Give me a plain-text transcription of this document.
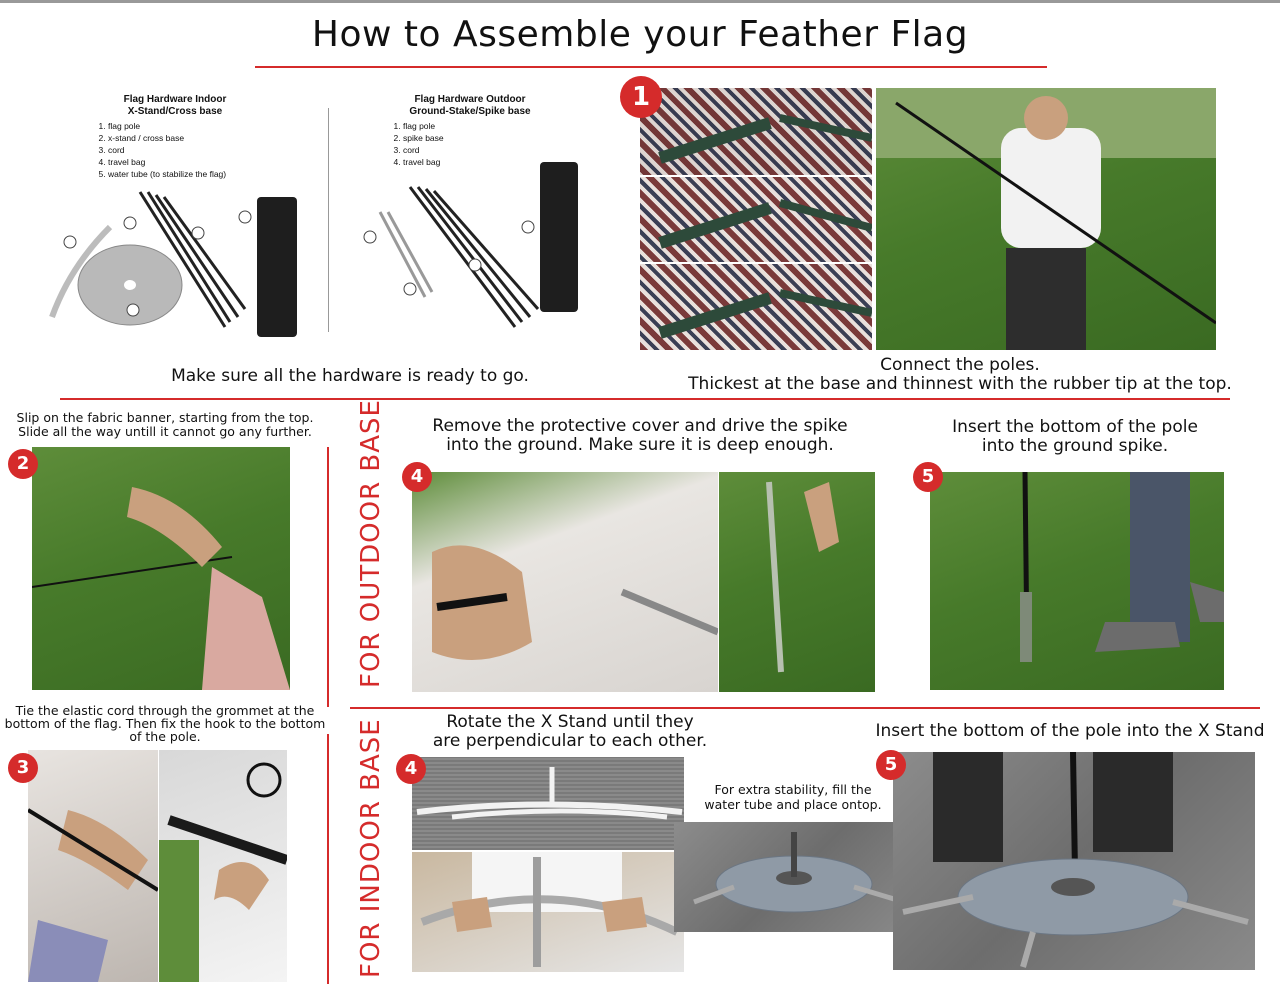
How to Assemble your Feather Flag
Flag Hardware Indoor
X-Stand/Cross base
1. flag pole
2. x-stand / cross base
3. cord
4. travel bag
5. water tube (to stabilize the flag)
Flag Hardware Outdoor
Ground-Stake/Spike base
1. flag pole
2. spike base
3. cord
4. travel bag
Make sure all the hardware is ready to go.
1
Connect the poles.
Thickest at the base and thinnest with the rubber tip at the top.
Slip on the fabric banner, starting from the top.
Slide all the way untill it cannot go any further.
2
Tie the elastic cord through the grommet at the
bottom of the flag. Then fix the hook to the bottom
of the pole.
3
FOR OUTDOOR BASE
FOR INDOOR BASE
Remove the protective cover and drive the spike
into the ground. Make sure it is deep enough.
4
Insert the bottom of the pole
into the ground spike.
5
Rotate the X Stand until they
are perpendicular to each other.
4
For extra stability, fill the
water tube and place ontop.
Insert the bottom of the pole into the X Stand
5
